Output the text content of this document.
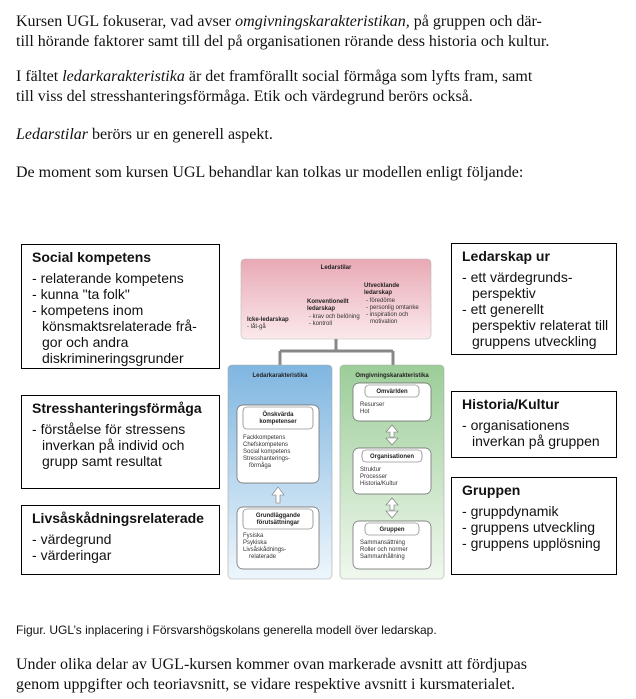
Kursen UGL fokuserar, vad avser omgivningskarakteristikan, på gruppen och där-
till hörande faktorer samt till del på organisationen rörande dess historia och kultur.

I fältet ledarkarakteristika är det framförallt social förmåga som lyfts fram, samt
till viss del stresshanteringsförmåga. Etik och värdegrund berörs också.

Ledarstilar berörs ur en generell aspekt.

De moment som kursen UGL behandlar kan tolkas ur modellen enligt följande:

Social kompetens
- relaterande kompetens
- kunna "ta folk"
- kompetens inom könsmaktsrelaterade frå-gor och andra diskrimineringsgrunder
Stresshanteringsförmåga
- förståelse för stressens inverkan på individ och grupp samt resultat
Livsåskådningsrelaterade
- värdegrund
- värderingar
Ledarskap ur
- ett värdegrunds-perspektiv
- ett generellt perspektiv relaterat till gruppens utveckling
Historia/Kultur
- organisationens inverkan på gruppen
Gruppen
- gruppdynamik
- gruppens utveckling
- gruppens upplösning
Ledarstilar
Icke-ledarskap
- låt-gå
Konventionellt
ledarskap
- krav och belöning
- kontroll
Utvecklande
ledarskap
- föredöme
- personlig omtanke
- inspiration och
motivation
Ledarkarakteristika
Önskvärda
kompetenser
Fackkompetens
Chefskompetens
Social kompetens
Stresshanterings-
förmåga
Grundläggande
förutsättningar
Fysiska
Psykiska
Livsåskådnings-
relaterade
Omgivningskarakteristika
Omvärlden
Resurser
Hot
Organisationen
Struktur
Processer
Historia/Kultur
Gruppen
Sammansättning
Roller och normer
Sammanhållning

Figur. UGL’s inplacering i Försvarshögskolans generella modell över ledarskap.

Under olika delar av UGL-kursen kommer ovan markerade avsnitt att fördjupas
genom uppgifter och teoriavsnitt, se vidare respektive avsnitt i kursmaterialet.
